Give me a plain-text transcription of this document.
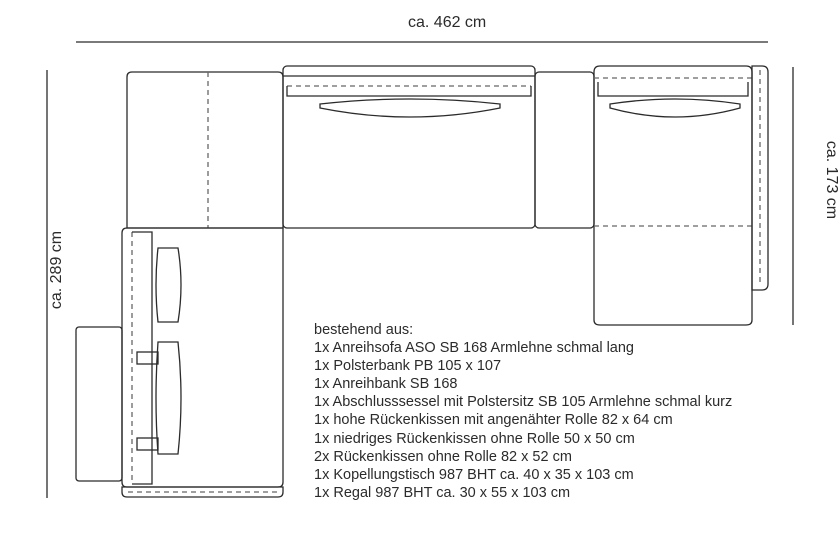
ca. 462 cm
ca. 289 cm
ca. 173 cm
bestehend aus:
1x Anreihsofa ASO SB 168 Armlehne schmal lang
1x Polsterbank PB 105 x 107
1x Anreihbank SB 168
1x Abschlusssessel mit Polstersitz SB 105 Armlehne schmal kurz
1x hohe Rückenkissen mit angenähter Rolle 82 x 64 cm
1x niedriges Rückenkissen ohne Rolle 50 x 50 cm
2x Rückenkissen ohne Rolle 82 x 52 cm
1x Kopellungstisch 987 BHT ca. 40 x 35 x 103 cm
1x Regal 987 BHT ca. 30 x 55 x 103 cm
